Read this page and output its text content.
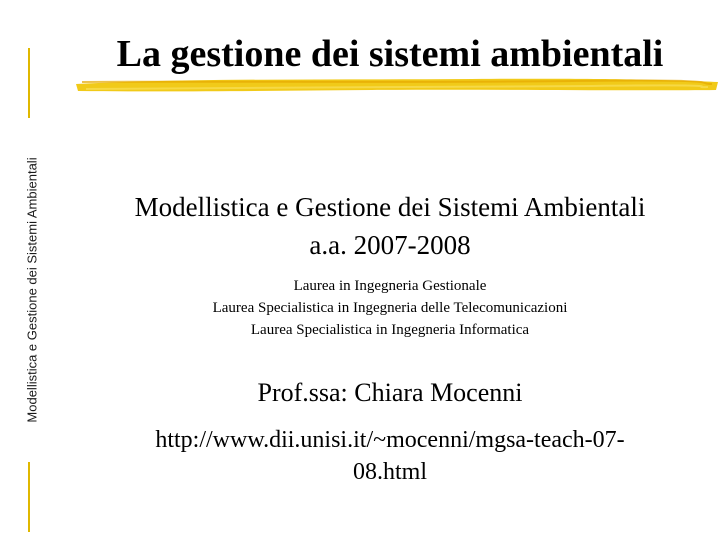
Modellistica e Gestione dei Sistemi Ambientali
La gestione dei sistemi ambientali
Modellistica e Gestione dei Sistemi Ambientali
a.a. 2007-2008
Laurea in Ingegneria Gestionale
Laurea Specialistica in Ingegneria delle Telecomunicazioni
Laurea Specialistica in Ingegneria Informatica
Prof.ssa: Chiara Mocenni
http://www.dii.unisi.it/~mocenni/mgsa-teach-07-
08.html
